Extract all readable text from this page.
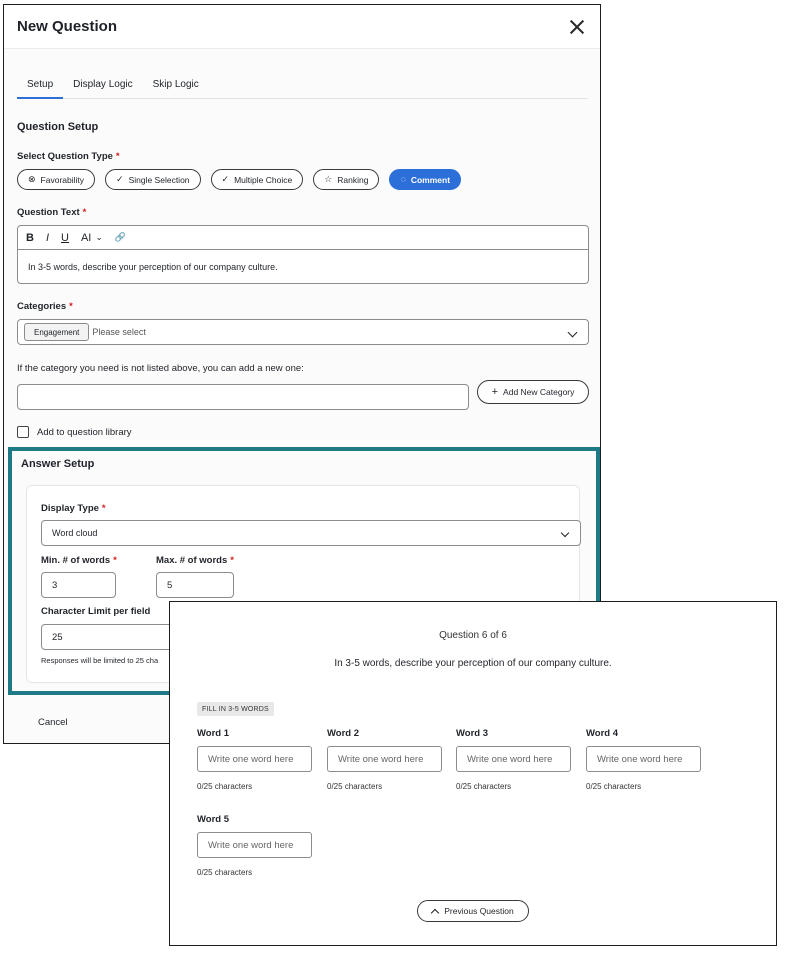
New Question
Setup	Display Logic	Skip Logic
Question Setup
Select Question Type *
⊗ Favorability	✓ Single Selection	✓ Multiple Choice	☆ Ranking	◌ Comment
Question Text *
B I U AI ⌄ 🔗
In 3-5 words, describe your perception of our company culture.
Categories *
Engagement	Please select
If the category you need is not listed above, you can add a new one:
+ Add New Category
Add to question library
Answer Setup
Display Type *
Word cloud
Min. # of words *
3
Max. # of words *
5
Character Limit per field
25
Responses will be limited to 25 cha
Cancel
Question 6 of 6
In 3-5 words, describe your perception of our company culture.
FILL IN 3-5 WORDS
Word 1
Write one word here
0/25 characters
Word 2
Write one word here
0/25 characters
Word 3
Write one word here
0/25 characters
Word 4
Write one word here
0/25 characters
Word 5
Write one word here
0/25 characters
Previous Question
